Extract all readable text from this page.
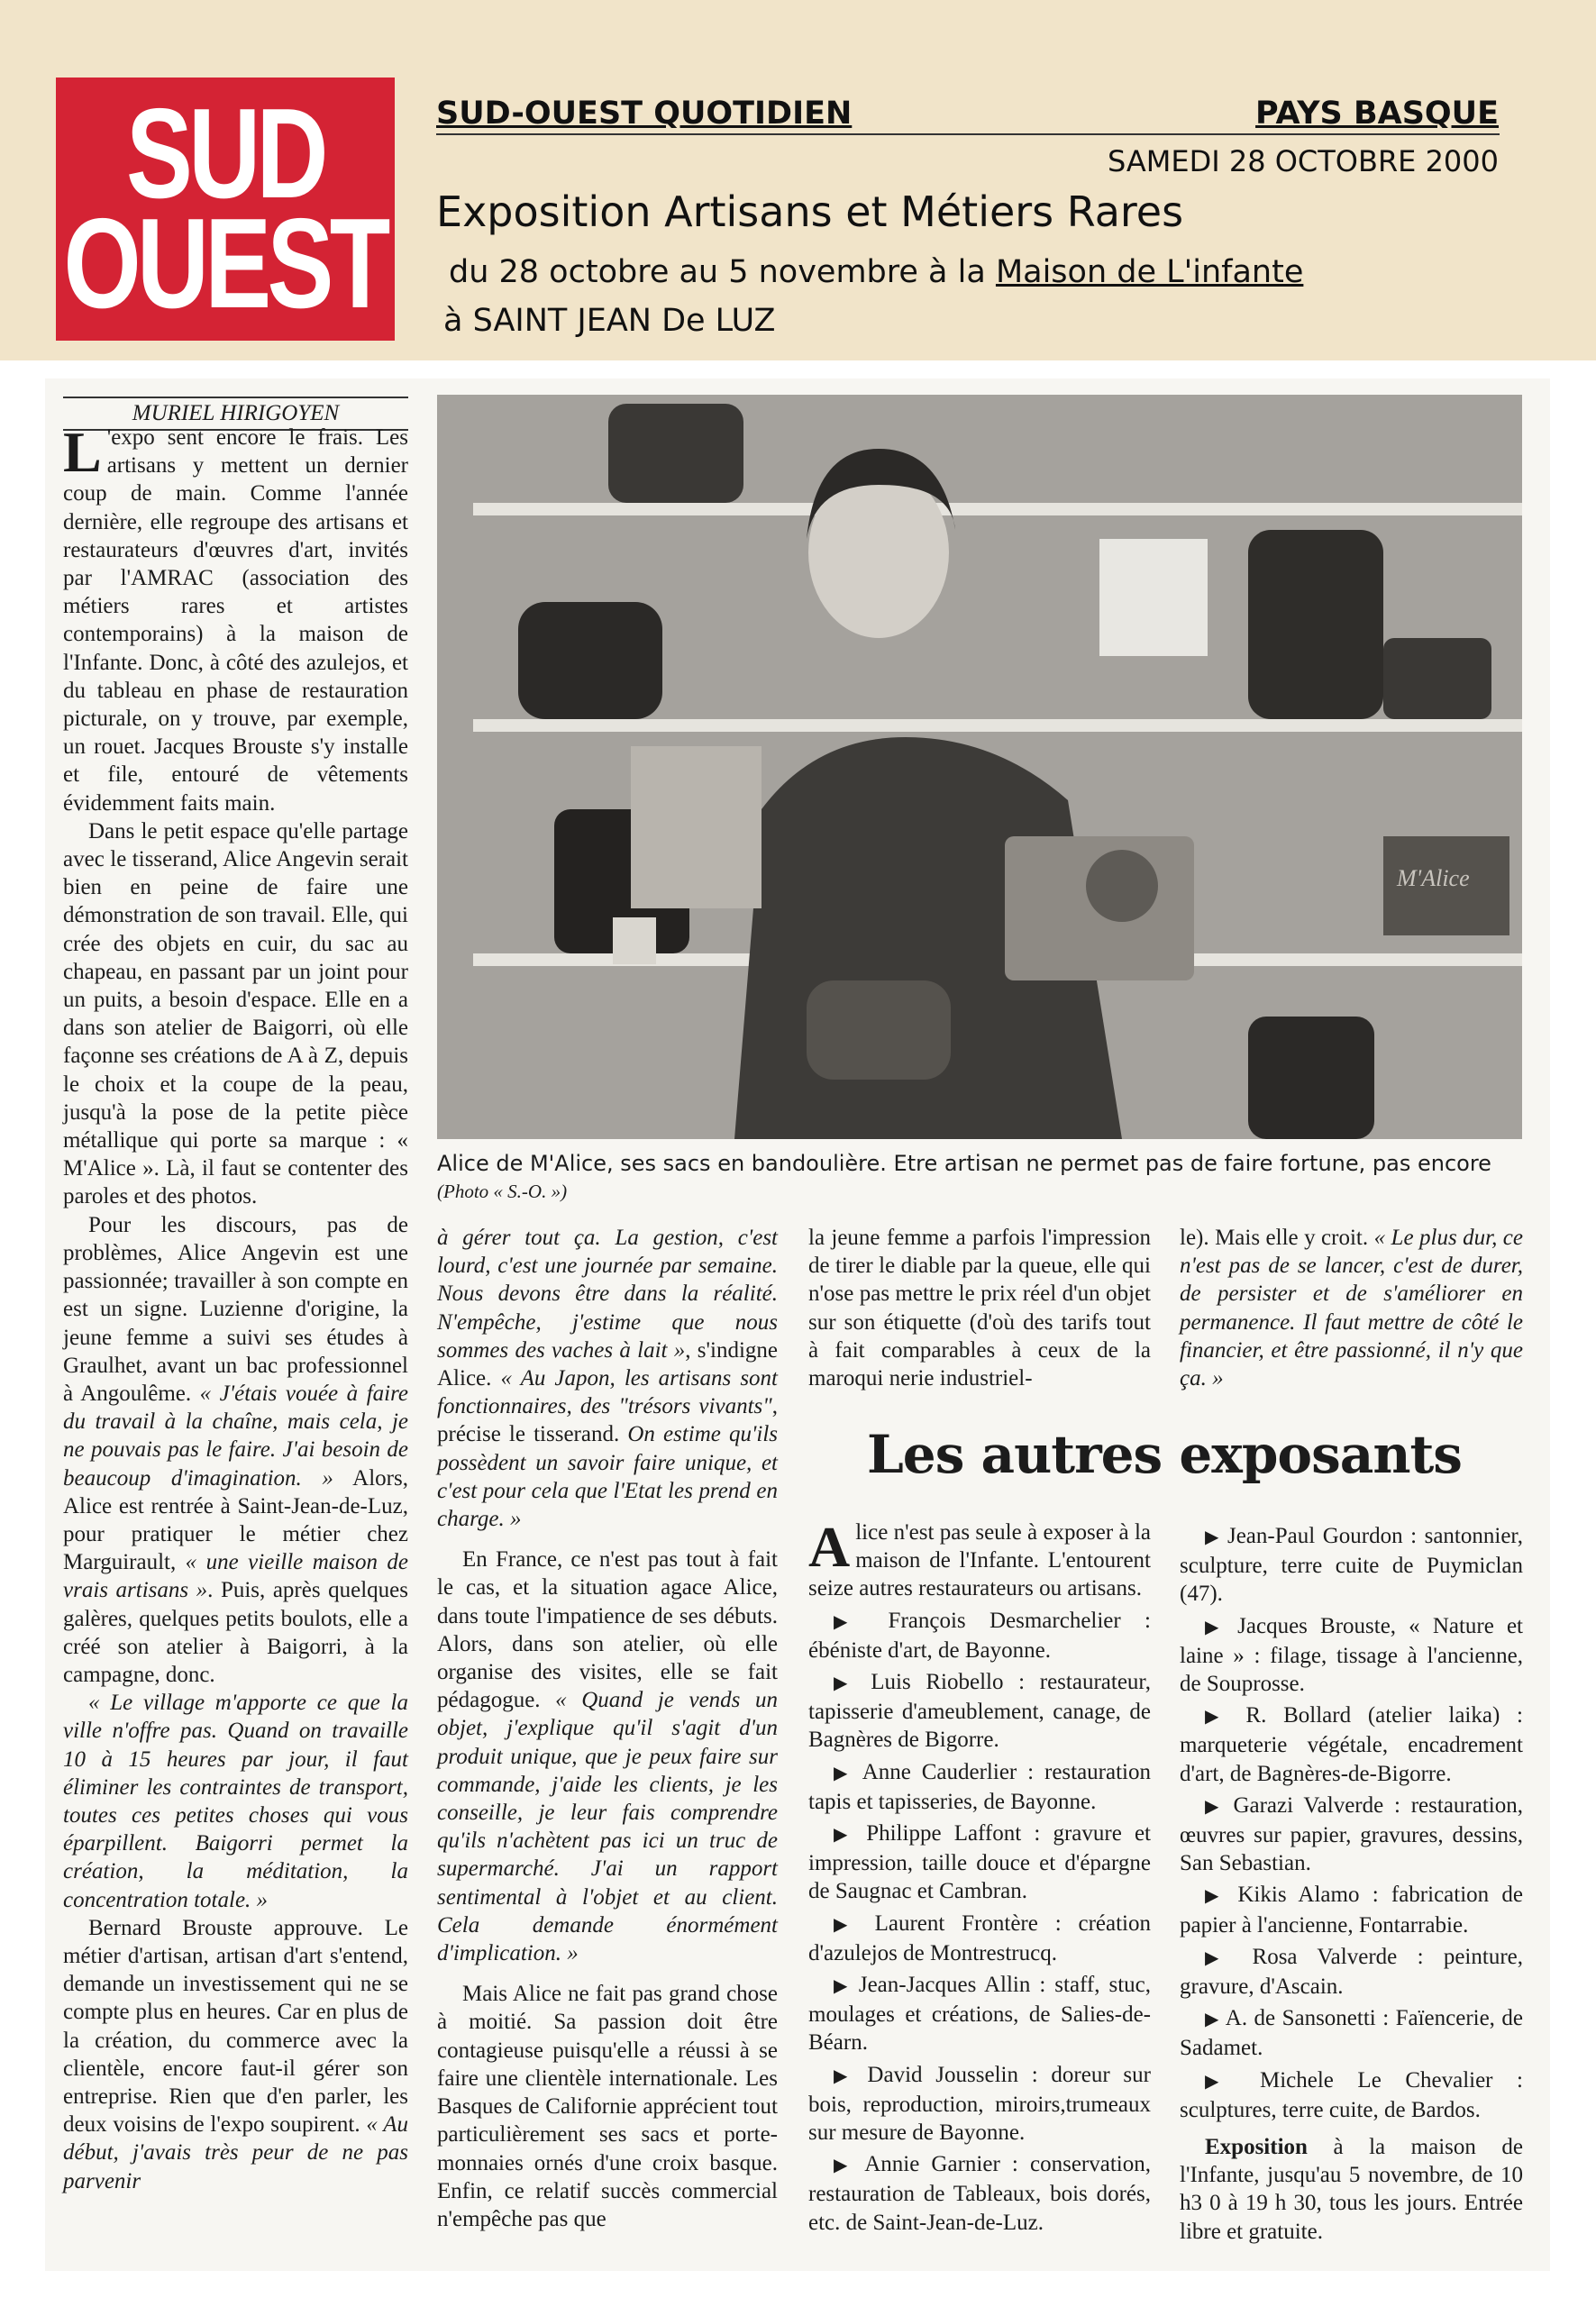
SUD
OUEST
SUD-OUEST QUOTIDIEN	PAYS BASQUE
SAMEDI 28 OCTOBRE 2000
Exposition Artisans et Métiers Rares
du 28 octobre au 5 novembre à la Maison de L'infante
à SAINT JEAN De LUZ
MURIEL HIRIGOYEN

L 'expo sent encore le frais. Les artisans y mettent un dernier coup de main. Comme l'année dernière, elle regroupe des artisans et restaurateurs d'œuvres d'art, invités par l'AMRAC (association des métiers rares et artistes contemporains) à la maison de l'Infante. Donc, à côté des azulejos, et du tableau en phase de restauration picturale, on y trouve, par exemple, un rouet. Jacques Brouste s'y installe et file, entouré de vêtements évidemment faits main.

Dans le petit espace qu'elle partage avec le tisserand, Alice Angevin serait bien en peine de faire une démonstration de son travail. Elle, qui crée des objets en cuir, du sac au chapeau, en passant par un joint pour un puits, a besoin d'espace. Elle en a dans son atelier de Baigorri, où elle façonne ses créations de A à Z, depuis le choix et la coupe de la peau, jusqu'à la pose de la petite pièce métallique qui porte sa marque : « M'Alice ». Là, il faut se contenter des paroles et des photos.

Pour les discours, pas de problèmes, Alice Angevin est une passionnée; travailler à son compte en est un signe. Luzienne d'origine, la jeune femme a suivi ses études à Graulhet, avant un bac professionnel à Angoulême. « J'étais vouée à faire du travail à la chaîne, mais cela, je ne pouvais pas le faire. J'ai besoin de beaucoup d'imagination. » Alors, Alice est rentrée à Saint-Jean-de-Luz, pour pratiquer le métier chez Marguirault, « une vieille maison de vrais artisans ». Puis, après quelques galères, quelques petits boulots, elle a créé son atelier à Baigorri, à la campagne, donc.

« Le village m'apporte ce que la ville n'offre pas. Quand on travaille 10 à 15 heures par jour, il faut éliminer les contraintes de transport, toutes ces petites choses qui vous éparpillent. Baigorri permet la création, la méditation, la concentration totale. »

Bernard Brouste approuve. Le métier d'artisan, artisan d'art s'entend, demande un investissement qui ne se compte plus en heures. Car en plus de la création, du commerce avec la clientèle, encore faut-il gérer son entreprise. Rien que d'en parler, les deux voisins de l'expo soupirent. « Au début, j'avais très peur de ne pas parvenir

M'Alice
Alice de M'Alice, ses sacs en bandoulière. Etre artisan ne permet pas de faire fortune, pas encore (Photo « S.-O. »)

à gérer tout ça. La gestion, c'est lourd, c'est une journée par semaine. Nous devons être dans la réalité. N'empêche, j'estime que nous sommes des vaches à lait », s'indigne Alice. « Au Japon, les artisans sont fonctionnaires, des "trésors vivants", précise le tisserand. On estime qu'ils possèdent un savoir faire unique, et c'est pour cela que l'Etat les prend en charge. »

En France, ce n'est pas tout à fait le cas, et la situation agace Alice, dans toute l'impatience de ses débuts. Alors, dans son atelier, où elle organise des visites, elle se fait pédagogue. « Quand je vends un objet, j'explique qu'il s'agit d'un produit unique, que je peux faire sur commande, j'aide les clients, je les conseille, je leur fais comprendre qu'ils n'achètent pas ici un truc de supermarché. J'ai un rapport sentimental à l'objet et au client. Cela demande énormément d'implication. »

Mais Alice ne fait pas grand chose à moitié. Sa passion doit être contagieuse puisqu'elle a réussi à se faire une clientèle internationale. Les Basques de Californie apprécient tout particulièrement ses sacs et porte-monnaies ornés d'une croix basque. Enfin, ce relatif succès commercial n'empêche pas que

la jeune femme a parfois l'impression de tirer le diable par la queue, elle qui n'ose pas mettre le prix réel d'un objet sur son étiquette (d'où des tarifs tout à fait comparables à ceux de la maroqui nerie industriel-

le). Mais elle y croit. « Le plus dur, ce n'est pas de se lancer, c'est de durer, de persister et de s'améliorer en permanence. Il faut mettre de côté le financier, et être passionné, il n'y que ça. »

Les autres exposants

Alice n'est pas seule à exposer à la maison de l'Infante. L'entourent seize autres restaurateurs ou artisans.

▶ François Desmarchelier : ébéniste d'art, de Bayonne.

▶ Luis Riobello : restaurateur, tapisserie d'ameublement, canage, de Bagnères de Bigorre.

▶ Anne Cauderlier : restauration tapis et tapisseries, de Bayonne.

▶ Philippe Laffont : gravure et impression, taille douce et d'épargne de Saugnac et Cambran.

▶ Laurent Frontère : création d'azulejos de Montrestrucq.

▶ Jean-Jacques Allin : staff, stuc, moulages et créations, de Salies-de-Béarn.

▶ David Jousselin : doreur sur bois, reproduction, miroirs,trumeaux sur mesure de Bayonne.

▶ Annie Garnier : conservation, restauration de Tableaux, bois dorés, etc. de Saint-Jean-de-Luz.

▶ Jean-Paul Gourdon : santonnier, sculpture, terre cuite de Puymiclan (47).

▶ Jacques Brouste, « Nature et laine » : filage, tissage à l'ancienne, de Souprosse.

▶ R. Bollard (atelier laika) : marqueterie végétale, encadrement d'art, de Bagnères-de-Bigorre.

▶ Garazi Valverde : restauration, œuvres sur papier, gravures, dessins, San Sebastian.

▶ Kikis Alamo : fabrication de papier à l'ancienne, Fontarrabie.

▶ Rosa Valverde : peinture, gravure, d'Ascain.

▶ A. de Sansonetti : Faïencerie, de Sadamet.

▶ Michele Le Chevalier : sculptures, terre cuite, de Bardos.

Exposition à la maison de l'Infante, jusqu'au 5 novembre, de 10 h3 0 à 19 h 30, tous les jours. Entrée libre et gratuite.
